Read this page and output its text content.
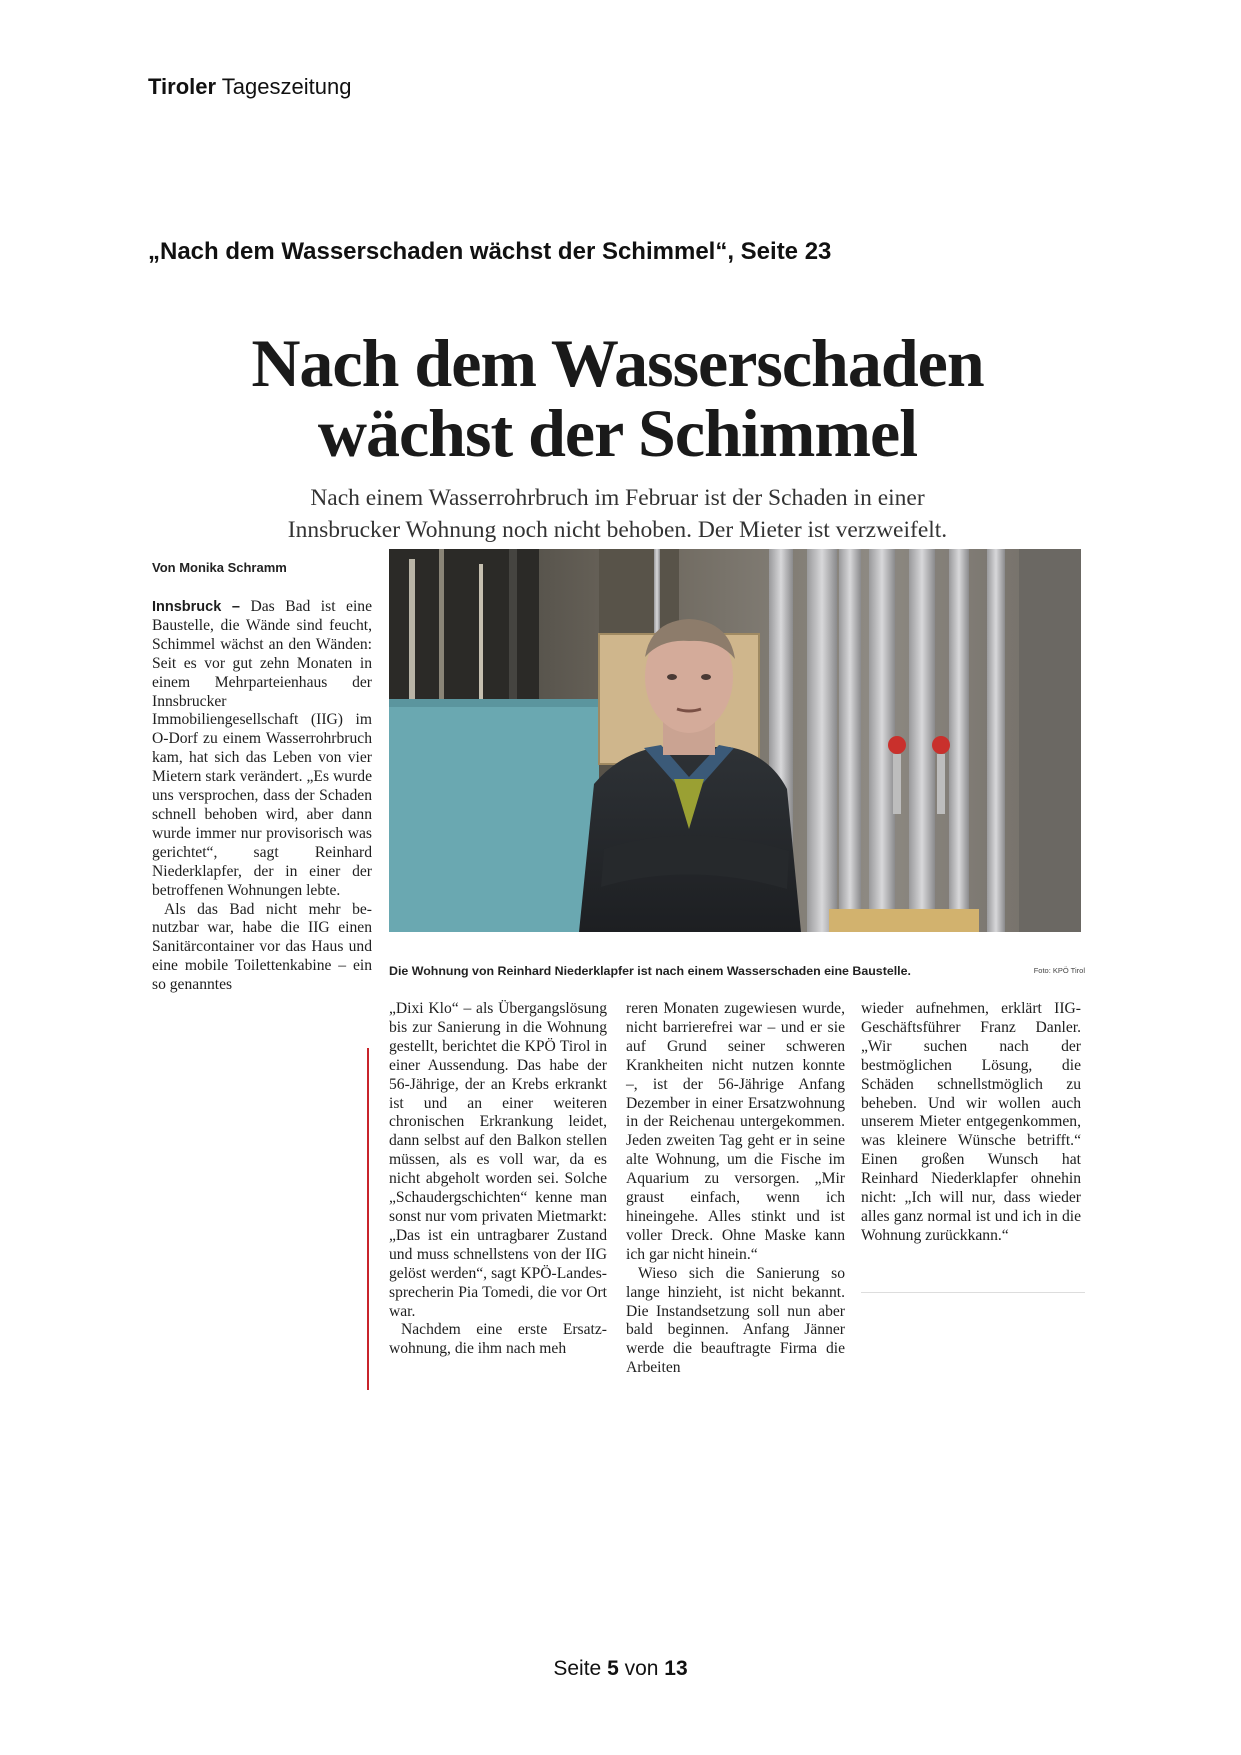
Tiroler Tageszeitung
„Nach dem Wasserschaden wächst der Schimmel“, Seite 23
Nach dem Wasserschaden
wächst der Schimmel
Nach einem Wasserrohrbruch im Februar ist der Schaden in einer
Innsbrucker Wohnung noch nicht behoben. Der Mieter ist verzweifelt.
Von Monika Schramm

Innsbruck – Das Bad ist eine Baustelle, die Wände sind feucht, Schimmel wächst an den Wänden: Seit es vor gut zehn Monaten in einem Mehrparteienhaus der Innsbrucker Immobiliengesellschaft (IIG) im O-Dorf zu einem Wasserrohrbruch kam, hat sich das Leben von vier Mietern stark verändert. „Es wurde uns versprochen, dass der Schaden schnell behoben wird, aber dann wurde immer nur provisorisch was gerichtet“, sagt Reinhard Niederklapfer, der in einer der betroffenen Wohnungen lebte.

Als das Bad nicht mehr benutzbar war, habe die IIG einen Sanitärcontainer vor das Haus und eine mobile Toilettenkabine – ein so genanntes

Die Wohnung von Reinhard Niederklapfer ist nach einem Wasserschaden eine Baustelle.	Foto: KPÖ Tirol

„Dixi Klo“ – als Übergangslösung bis zur Sanierung in die Wohnung gestellt, berichtet die KPÖ Tirol in einer Aussendung. Das habe der 56-Jährige, der an Krebs erkrankt ist und an einer weiteren chronischen Erkrankung leidet, dann selbst auf den Balkon stellen müssen, als es voll war, da es nicht abgeholt worden sei. Solche „Schaudergschichten“ kenne man sonst nur vom privaten Mietmarkt: „Das ist ein untragbarer Zustand und muss schnellstens von der IIG gelöst werden“, sagt KPÖ-Landessprecherin Pia Tomedi, die vor Ort war.

Nachdem eine erste Ersatzwohnung, die ihm nach meh

reren Monaten zugewiesen wurde, nicht barrierefrei war – und er sie auf Grund seiner schweren Krankheiten nicht nutzen konnte –, ist der 56-Jährige Anfang Dezember in einer Ersatzwohnung in der Reichenau untergekommen. Jeden zweiten Tag geht er in seine alte Wohnung, um die Fische im Aquarium zu versorgen. „Mir graust einfach, wenn ich hineingehe. Alles stinkt und ist voller Dreck. Ohne Maske kann ich gar nicht hinein.“

Wieso sich die Sanierung so lange hinzieht, ist nicht bekannt. Die Instandsetzung soll nun aber bald beginnen. Anfang Jänner werde die beauftragte Firma die Arbeiten

wieder aufnehmen, erklärt IIG-Geschäftsführer Franz Danler. „Wir suchen nach der bestmöglichen Lösung, die Schäden schnellstmöglich zu beheben. Und wir wollen auch unserem Mieter entgegenkommen, was kleinere Wünsche betrifft.“ Einen großen Wunsch hat Reinhard Niederklapfer ohnehin nicht: „Ich will nur, dass wieder alles ganz normal ist und ich in die Wohnung zurückkann.“

Seite 5 von 13
